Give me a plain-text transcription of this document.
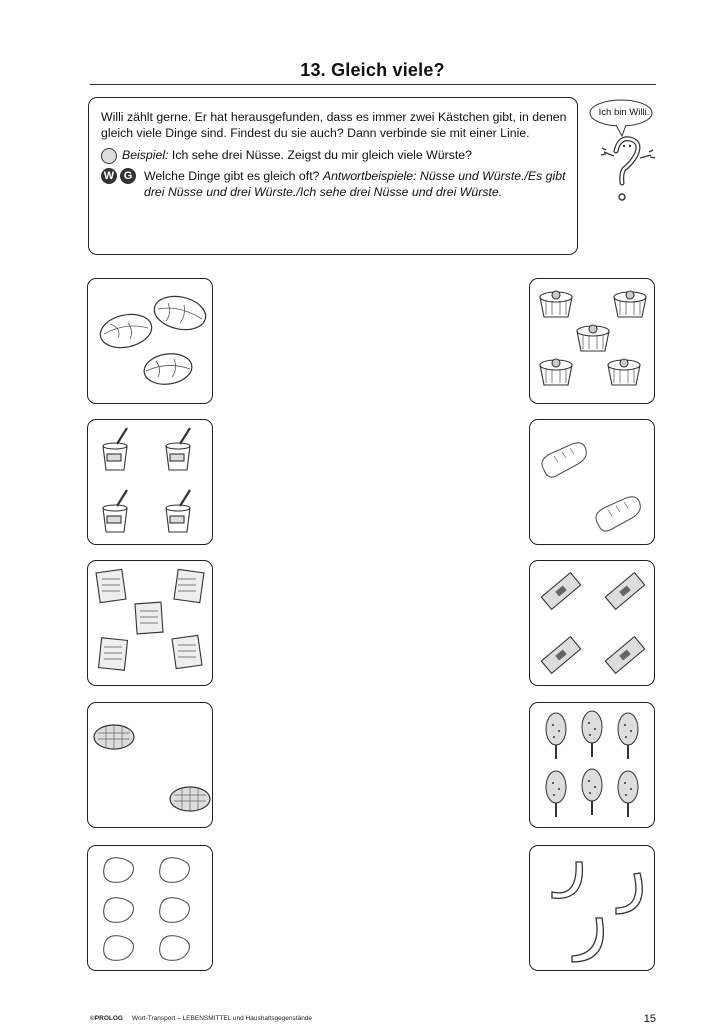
13. Gleich viele?

Willi zählt gerne. Er hat herausgefunden, dass es immer zwei Kästchen gibt, in denen gleich viele Dinge sind. Findest du sie auch? Dann verbinde sie mit einer Linie.

Beispiel: Ich sehe drei Nüsse. Zeigst du mir gleich viele Würste?
W G Welche Dinge gibt es gleich oft? Antwortbeispiele: Nüsse und Würste./Es gibt drei Nüsse und drei Würste./Ich sehe drei Nüsse und drei Würste.
Ich bin Willi.
©PROLOG Wort-Transport – LEBENSMITTEL und Haushaltsgegenstände	15
